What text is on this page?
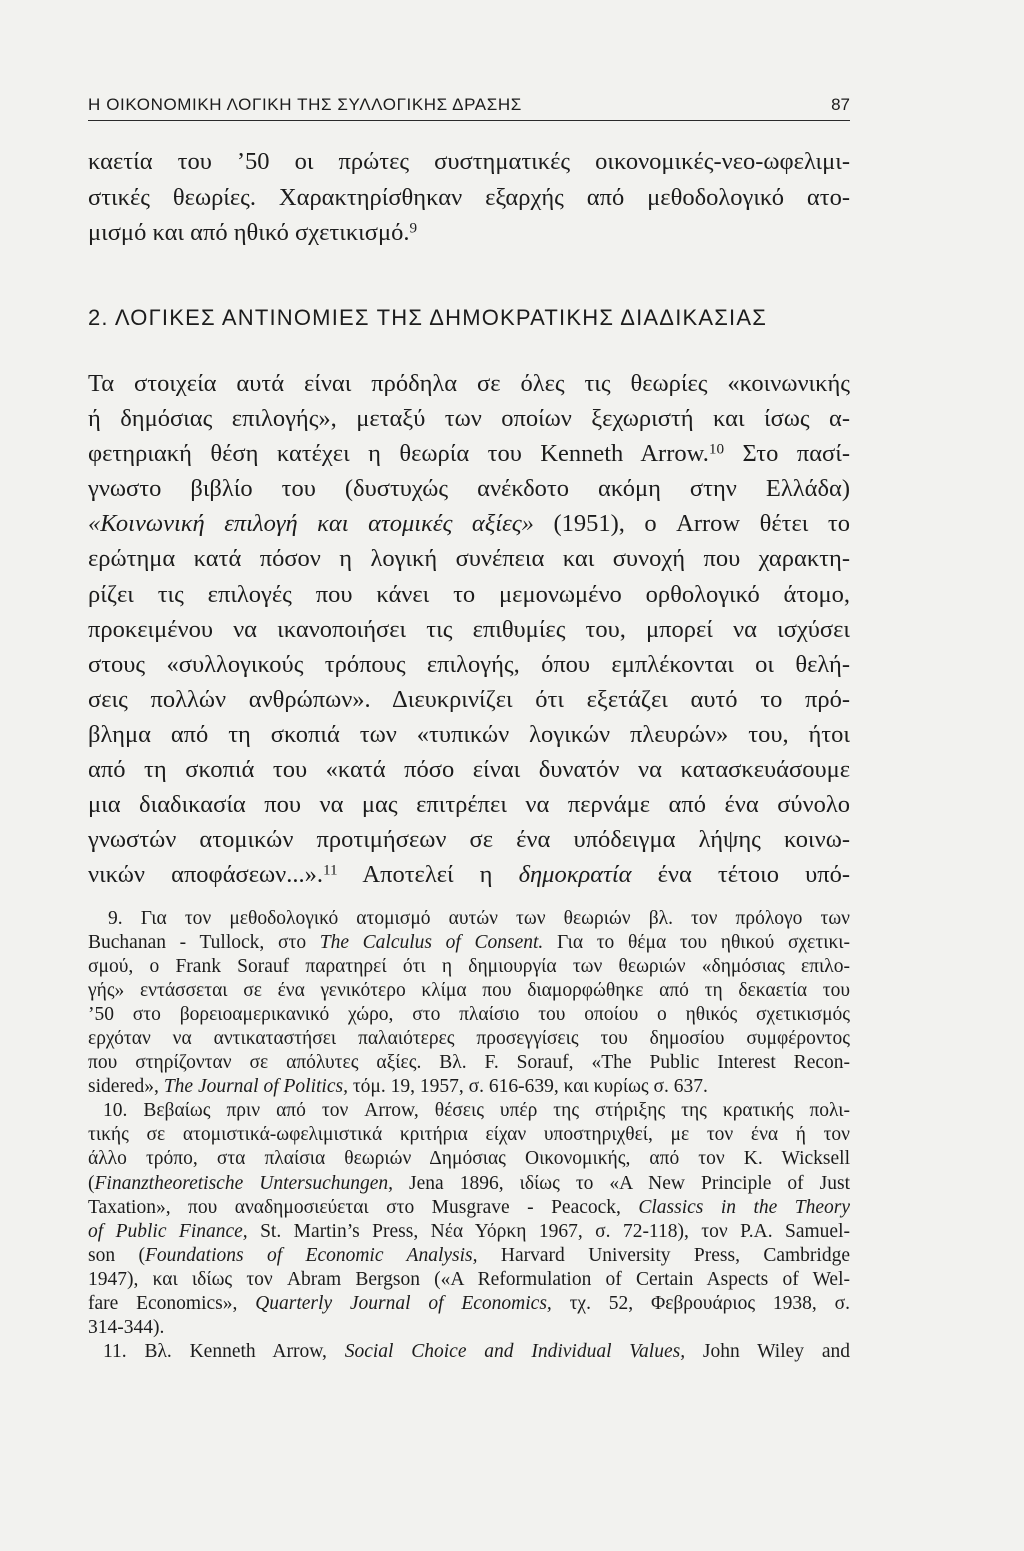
Η ΟΙΚΟΝΟΜΙΚΗ ΛΟΓΙΚΗ ΤΗΣ ΣΥΛΛΟΓΙΚΗΣ ΔΡΑΣΗΣ	87
καετία του ’50 οι πρώτες συστηματικές οικονομικές-νεο-ωφελιμι-
στικές θεωρίες. Χαρακτηρίσθηκαν εξαρχής από μεθοδολογικό ατο-
μισμό και από ηθικό σχετικισμό.$^9$
2. ΛΟΓΙΚΕΣ ΑΝΤΙΝΟΜΙΕΣ ΤΗΣ ΔΗΜΟΚΡΑΤΙΚΗΣ ΔΙΑΔΙΚΑΣΙΑΣ
Τα στοιχεία αυτά είναι πρόδηλα σε όλες τις θεωρίες «κοινωνικής
ή δημόσιας επιλογής», μεταξύ των οποίων ξεχωριστή και ίσως α-
φετηριακή θέση κατέχει η θεωρία του Kenneth Arrow.$^{10}$ Στο πασί-
γνωστο βιβλίο του (δυστυχώς ανέκδοτο ακόμη στην Ελλάδα)
«Κοινωνική επιλογή και ατομικές αξίες» (1951), ο Arrow θέτει το
ερώτημα κατά πόσον η λογική συνέπεια και συνοχή που χαρακτη-
ρίζει τις επιλογές που κάνει το μεμονωμένο ορθολογικό άτομο,
προκειμένου να ικανοποιήσει τις επιθυμίες του, μπορεί να ισχύσει
στους «συλλογικούς τρόπους επιλογής, όπου εμπλέκονται οι θελή-
σεις πολλών ανθρώπων». Διευκρινίζει ότι εξετάζει αυτό το πρό-
βλημα από τη σκοπιά των «τυπικών λογικών πλευρών» του, ήτοι
από τη σκοπιά του «κατά πόσο είναι δυνατόν να κατασκευάσουμε
μια διαδικασία που να μας επιτρέπει να περνάμε από ένα σύνολο
γνωστών ατομικών προτιμήσεων σε ένα υπόδειγμα λήψης κοινω-
νικών αποφάσεων...».$^{11}$ Αποτελεί η δημοκρατία ένα τέτοιο υπό-
9. Για τον μεθοδολογικό ατομισμό αυτών των θεωριών βλ. τον πρόλογο των
Buchanan - Tullock, στο The Calculus of Consent. Για το θέμα του ηθικού σχετικι-
σμού, ο Frank Sorauf παρατηρεί ότι η δημιουργία των θεωριών «δημόσιας επιλο-
γής» εντάσσεται σε ένα γενικότερο κλίμα που διαμορφώθηκε από τη δεκαετία του
’50 στο βορειοαμερικανικό χώρο, στο πλαίσιο του οποίου ο ηθικός σχετικισμός
ερχόταν να αντικαταστήσει παλαιότερες προσεγγίσεις του δημοσίου συμφέροντος
που στηρίζονταν σε απόλυτες αξίες. Βλ. F. Sorauf, «The Public Interest Recon-
sidered», The Journal of Politics, τόμ. 19, 1957, σ. 616-639, και κυρίως σ. 637.
10. Βεβαίως πριν από τον Arrow, θέσεις υπέρ της στήριξης της κρατικής πολι-
τικής σε ατομιστικά-ωφελιμιστικά κριτήρια είχαν υποστηριχθεί, με τον ένα ή τον
άλλο τρόπο, στα πλαίσια θεωριών Δημόσιας Οικονομικής, από τον K. Wicksell
(Finanztheoretische Untersuchungen, Jena 1896, ιδίως το «A New Principle of Just
Taxation», που αναδημοσιεύεται στο Musgrave - Peacock, Classics in the Theory
of Public Finance, St. Martin’s Press, Νέα Υόρκη 1967, σ. 72-118), τον P.A. Samuel-
son (Foundations of Economic Analysis, Harvard University Press, Cambridge
1947), και ιδίως τον Abram Bergson («A Reformulation of Certain Aspects of Wel-
fare Economics», Quarterly Journal of Economics, τχ. 52, Φεβρουάριος 1938, σ.
314-344).
11. Βλ. Kenneth Arrow, Social Choice and Individual Values, John Wiley and
